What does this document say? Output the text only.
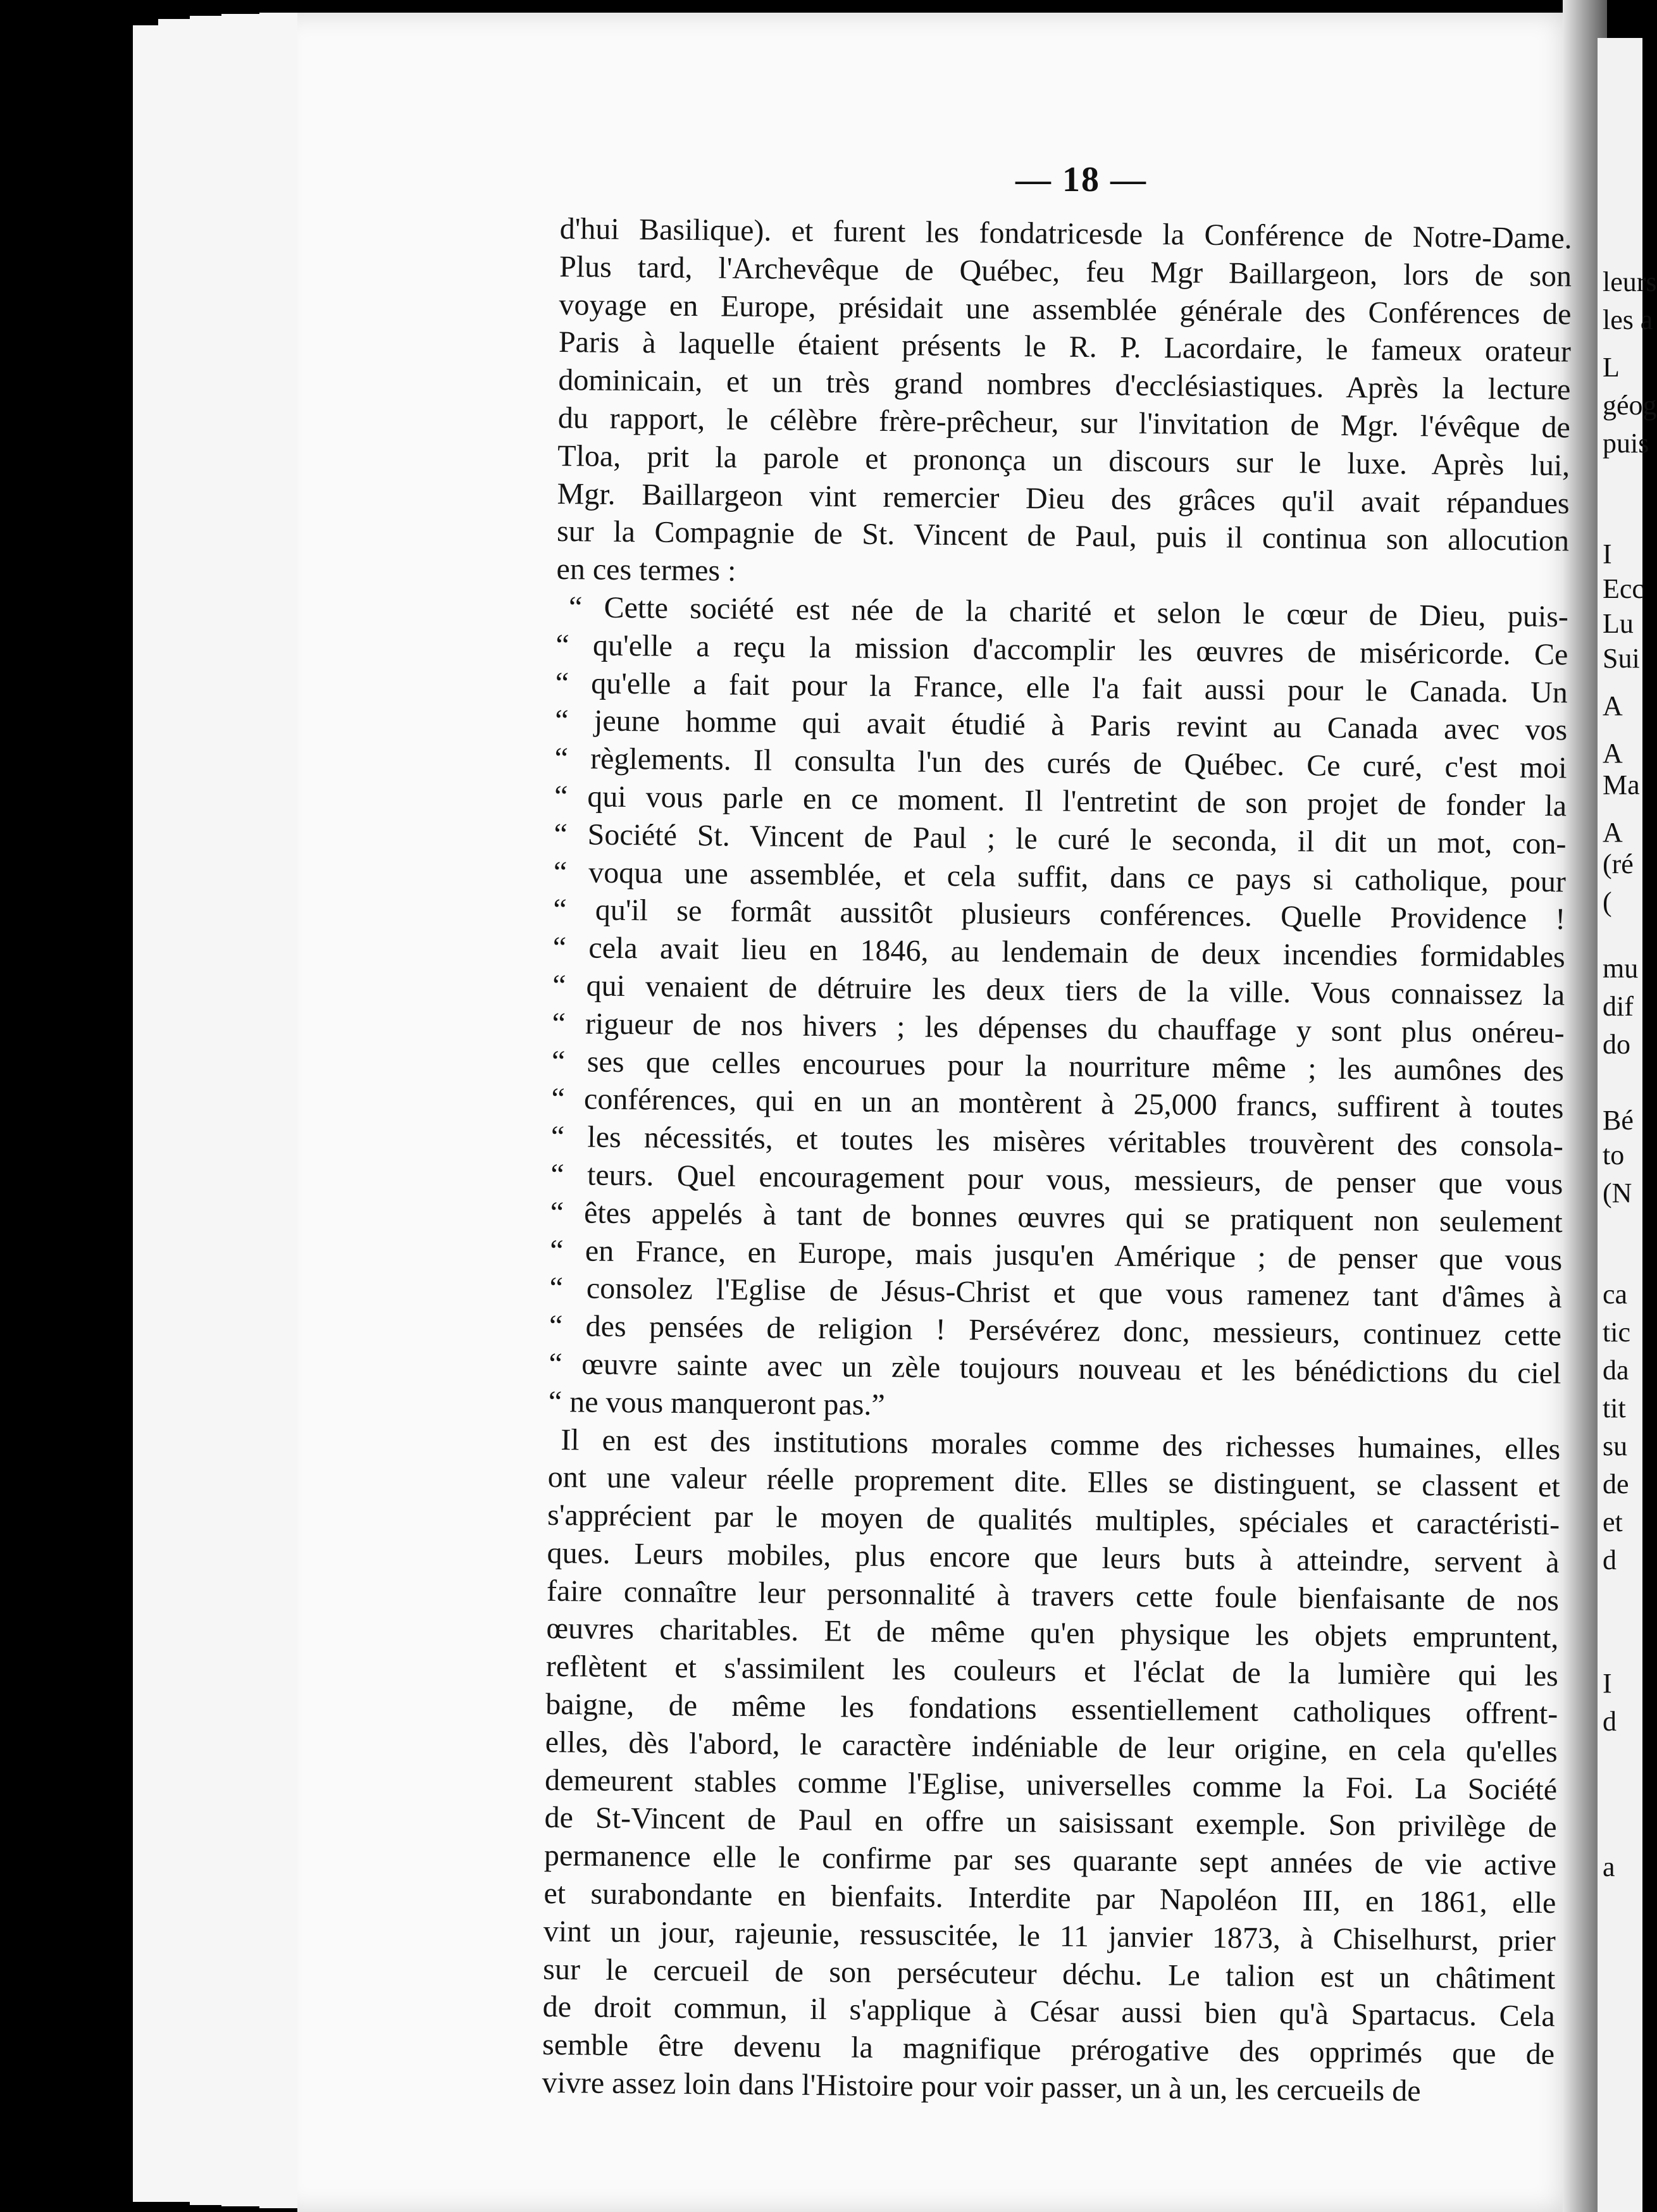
leurs
les a
L
géog
puis
I
Ecc
Lu
Sui
A
A
Ma
A
(ré
(
mu
dif
do
Bé
to
(N
ca
tic
da
tit
su
de
et
d
I
d
a
— 18 —
d'hui Basilique). et furent les fondatricesde la Conférence de Notre-Dame.
Plus tard, l'Archevêque de Québec, feu Mgr Baillargeon, lors de son
voyage en Europe, présidait une assemblée générale des Conférences de
Paris à laquelle étaient présents le R. P. Lacordaire, le fameux orateur
dominicain, et un très grand nombres d'ecclésiastiques. Après la lecture
du rapport, le célèbre frère-prêcheur, sur l'invitation de Mgr. l'évêque de
Tloa, prit la parole et prononça un discours sur le luxe. Après lui,
Mgr. Baillargeon vint remercier Dieu des grâces qu'il avait répandues
sur la Compagnie de St. Vincent de Paul, puis il continua son allocution
en ces termes :
“ Cette société est née de la charité et selon le cœur de Dieu, puis-
“ qu'elle a reçu la mission d'accomplir les œuvres de miséricorde. Ce
“ qu'elle a fait pour la France, elle l'a fait aussi pour le Canada. Un
“ jeune homme qui avait étudié à Paris revint au Canada avec vos
“ règlements. Il consulta l'un des curés de Québec. Ce curé, c'est moi
“ qui vous parle en ce moment. Il l'entretint de son projet de fonder la
“ Société St. Vincent de Paul ; le curé le seconda, il dit un mot, con-
“ voqua une assemblée, et cela suffit, dans ce pays si catholique, pour
“ qu'il se formât aussitôt plusieurs conférences. Quelle Providence !
“ cela avait lieu en 1846, au lendemain de deux incendies formidables
“ qui venaient de détruire les deux tiers de la ville. Vous connaissez la
“ rigueur de nos hivers ; les dépenses du chauffage y sont plus onéreu-
“ ses que celles encourues pour la nourriture même ; les aumônes des
“ conférences, qui en un an montèrent à 25,000 francs, suffirent à toutes
“ les nécessités, et toutes les misères véritables trouvèrent des consola-
“ teurs. Quel encouragement pour vous, messieurs, de penser que vous
“ êtes appelés à tant de bonnes œuvres qui se pratiquent non seulement
“ en France, en Europe, mais jusqu'en Amérique ; de penser que vous
“ consolez l'Eglise de Jésus-Christ et que vous ramenez tant d'âmes à
“ des pensées de religion ! Persévérez donc, messieurs, continuez cette
“ œuvre sainte avec un zèle toujours nouveau et les bénédictions du ciel
“ ne vous manqueront pas.”
Il en est des institutions morales comme des richesses humaines, elles
ont une valeur réelle proprement dite. Elles se distinguent, se classent et
s'apprécient par le moyen de qualités multiples, spéciales et caractéristi-
ques. Leurs mobiles, plus encore que leurs buts à atteindre, servent à
faire connaître leur personnalité à travers cette foule bienfaisante de nos
œuvres charitables. Et de même qu'en physique les objets empruntent,
reflètent et s'assimilent les couleurs et l'éclat de la lumière qui les
baigne, de même les fondations essentiellement catholiques offrent-
elles, dès l'abord, le caractère indéniable de leur origine, en cela qu'elles
demeurent stables comme l'Eglise, universelles comme la Foi. La Société
de St-Vincent de Paul en offre un saisissant exemple. Son privilège de
permanence elle le confirme par ses quarante sept années de vie active
et surabondante en bienfaits. Interdite par Napoléon III, en 1861, elle
vint un jour, rajeunie, ressuscitée, le 11 janvier 1873, à Chiselhurst, prier
sur le cercueil de son persécuteur déchu. Le talion est un châtiment
de droit commun, il s'applique à César aussi bien qu'à Spartacus. Cela
semble être devenu la magnifique prérogative des opprimés que de
vivre assez loin dans l'Histoire pour voir passer, un à un, les cercueils de
